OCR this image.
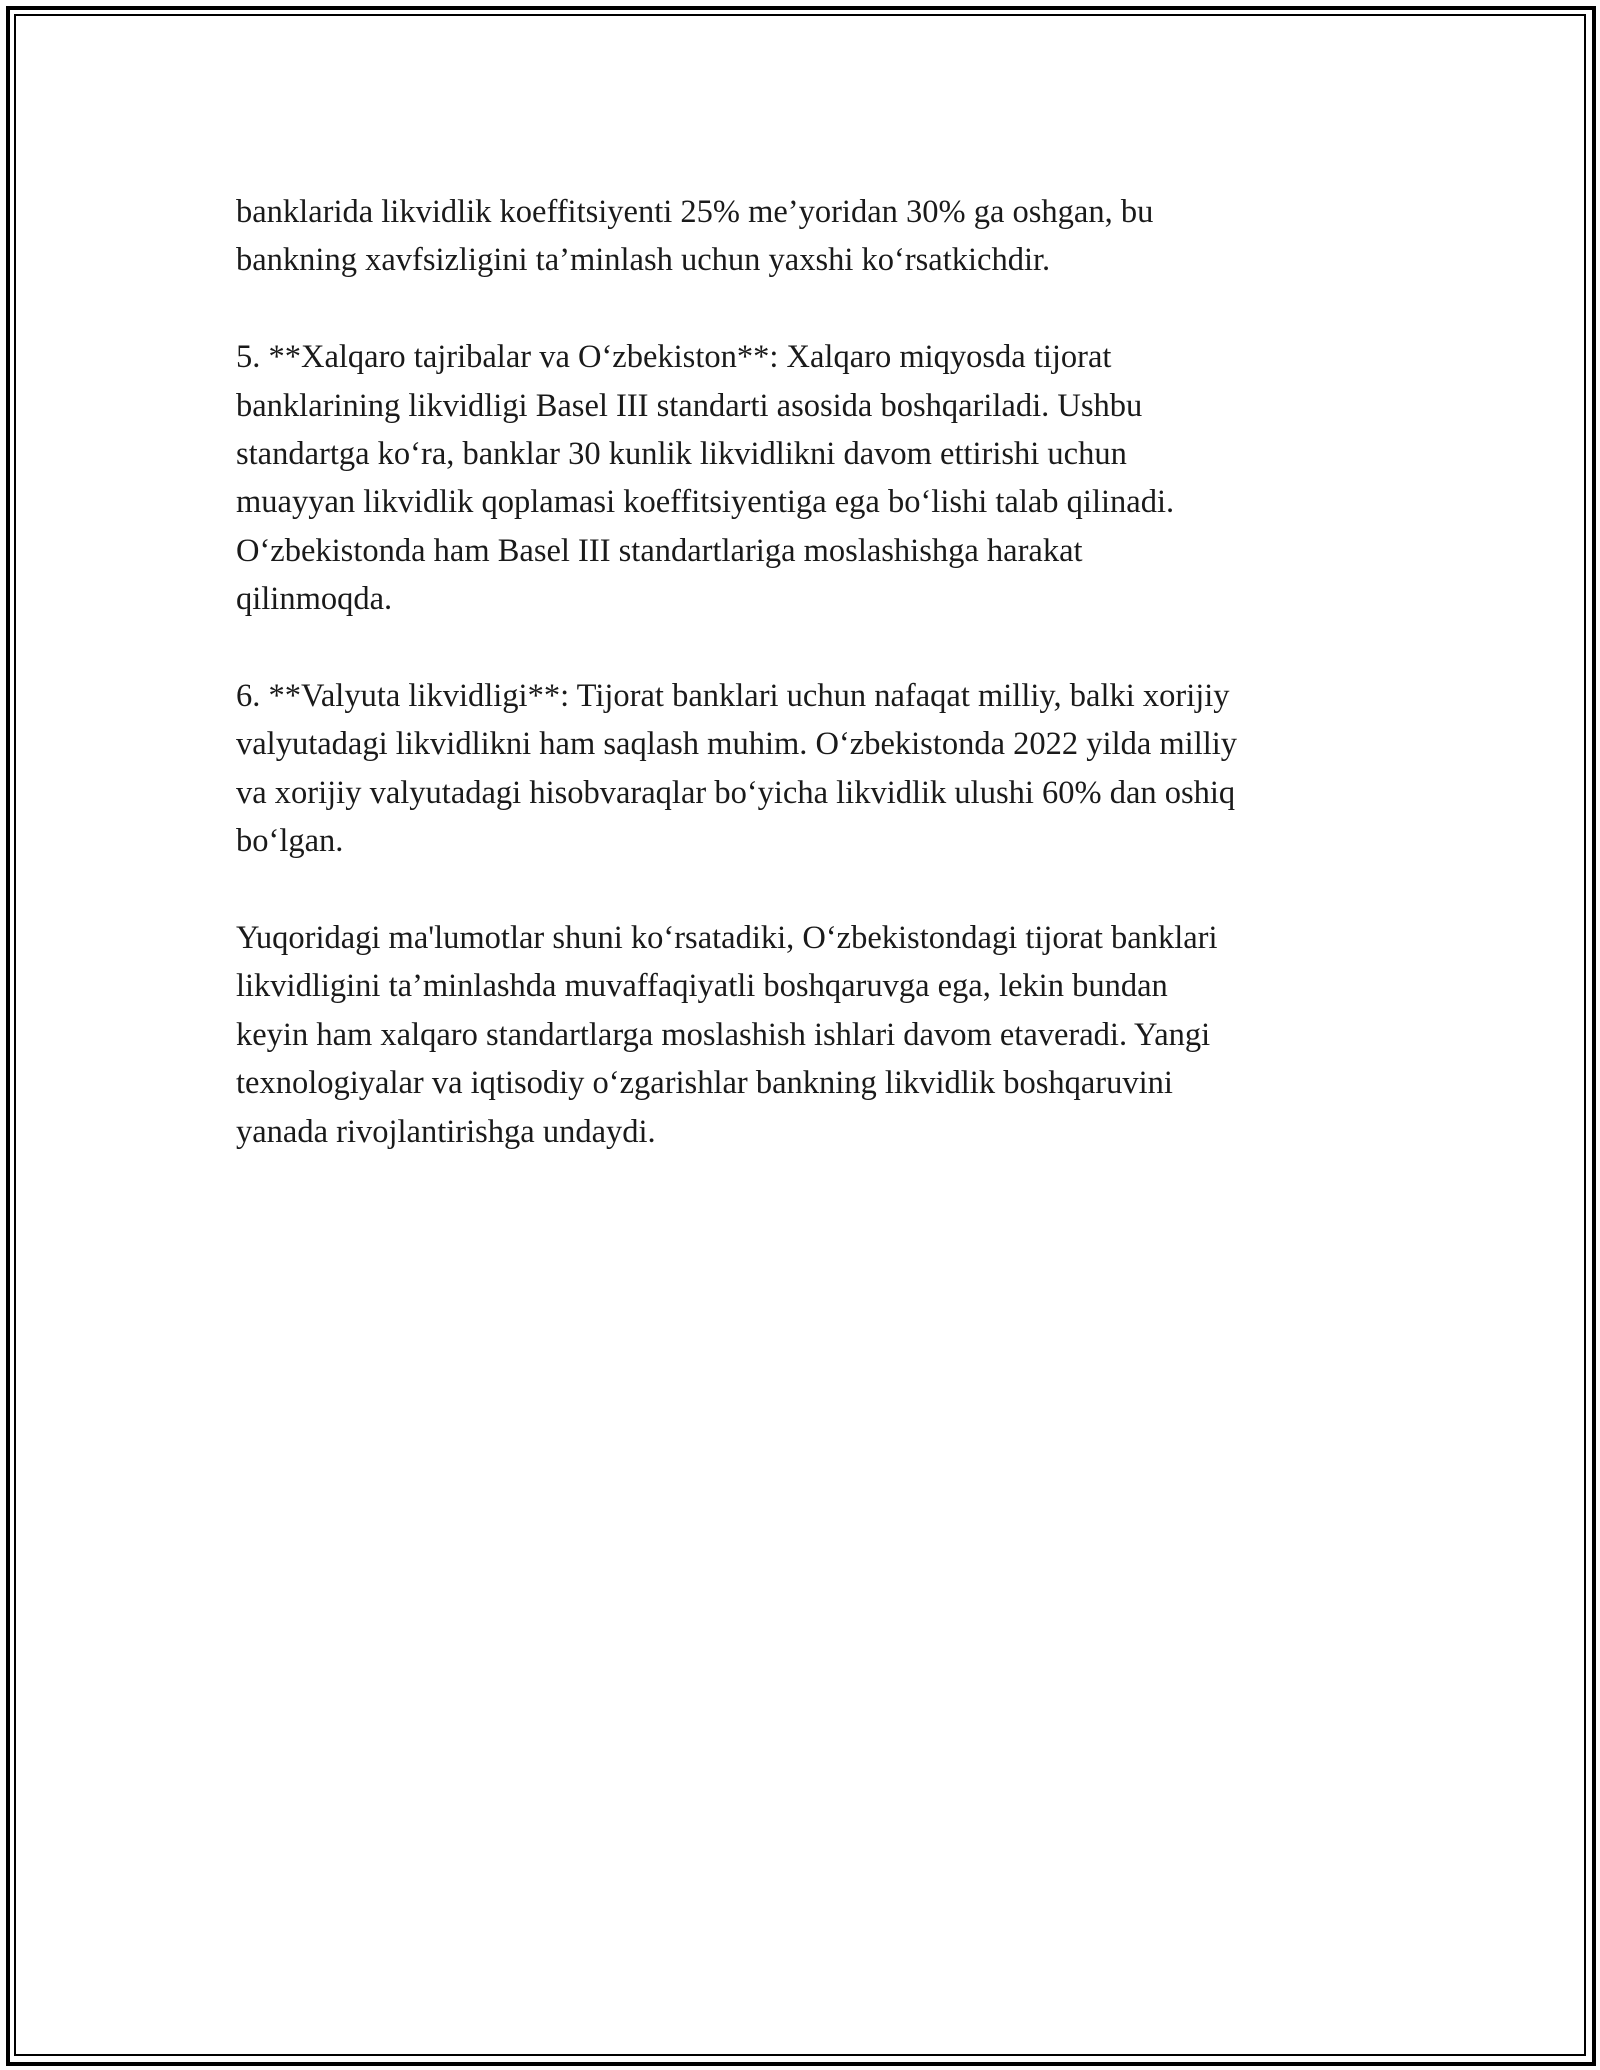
banklarida likvidlik koeffitsiyenti 25% me’yoridan 30% ga oshgan, bu
bankning xavfsizligini ta’minlash uchun yaxshi ko‘rsatkichdir.

5. **Xalqaro tajribalar va O‘zbekiston**: Xalqaro miqyosda tijorat
banklarining likvidligi Basel III standarti asosida boshqariladi. Ushbu
standartga ko‘ra, banklar 30 kunlik likvidlikni davom ettirishi uchun
muayyan likvidlik qoplamasi koeffitsiyentiga ega bo‘lishi talab qilinadi.
O‘zbekistonda ham Basel III standartlariga moslashishga harakat
qilinmoqda.

6. **Valyuta likvidligi**: Tijorat banklari uchun nafaqat milliy, balki xorijiy
valyutadagi likvidlikni ham saqlash muhim. O‘zbekistonda 2022 yilda milliy
va xorijiy valyutadagi hisobvaraqlar bo‘yicha likvidlik ulushi 60% dan oshiq
bo‘lgan.

Yuqoridagi ma'lumotlar shuni ko‘rsatadiki, O‘zbekistondagi tijorat banklari
likvidligini ta’minlashda muvaffaqiyatli boshqaruvga ega, lekin bundan
keyin ham xalqaro standartlarga moslashish ishlari davom etaveradi. Yangi
texnologiyalar va iqtisodiy o‘zgarishlar bankning likvidlik boshqaruvini
yanada rivojlantirishga undaydi.
